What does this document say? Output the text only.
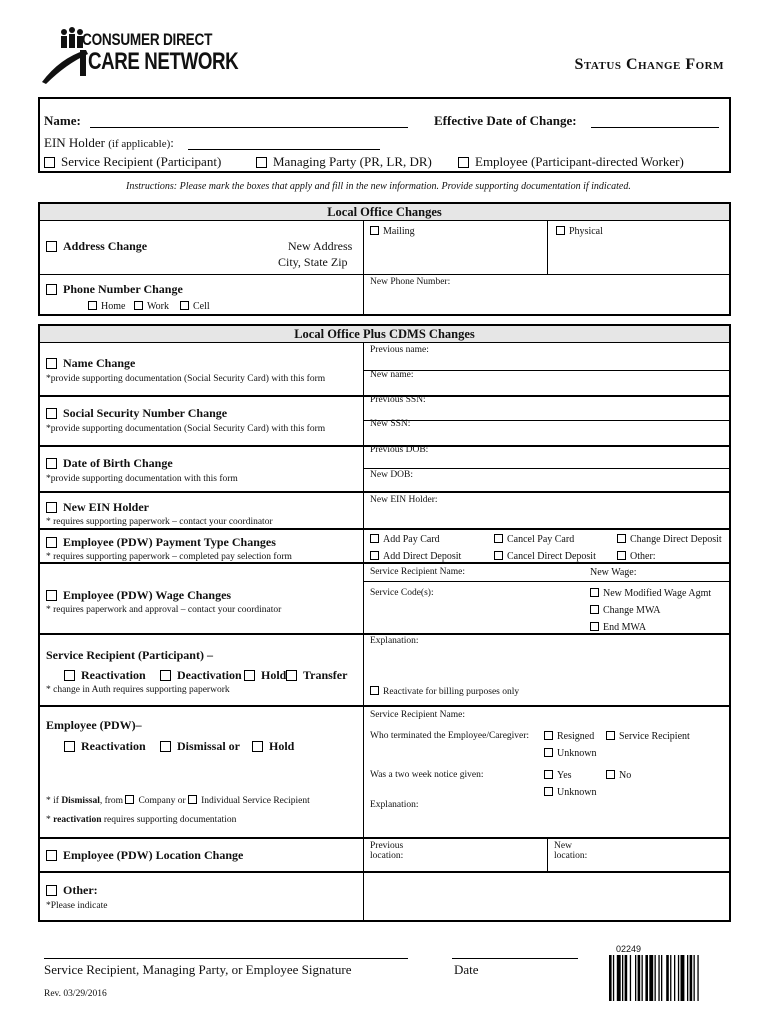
CONSUMER DIRECT
CARE NETWORK	Status Change Form
Name:	Effective Date of Change:
EIN Holder (if applicable):
Service Recipient (Participant)	Managing Party (PR, LR, DR)	Employee (Participant-directed Worker)
Instructions: Please mark the boxes that apply and fill in the new information. Provide supporting documentation if indicated.
Local Office Changes
Address Change	New Address
City, State Zip
Mailing	Physical
Phone Number Change
Home	Work	Cell
New Phone Number:
Local Office Plus CDMS Changes
Name Change
*provide supporting documentation (Social Security Card) with this form
Previous name:
New name:
Social Security Number Change
*provide supporting documentation (Social Security Card) with this form
Previous SSN:
New SSN:
Date of Birth Change
*provide supporting documentation with this form
Previous DOB:
New DOB:
New EIN Holder
* requires supporting paperwork – contact your coordinator
New EIN Holder:
Employee (PDW) Payment Type Changes
* requires supporting paperwork – completed pay selection form
Add Pay Card	Cancel Pay Card	Change Direct Deposit
Add Direct Deposit	Cancel Direct Deposit	Other:
Employee (PDW) Wage Changes
* requires paperwork and approval – contact your coordinator
Service Recipient Name:	New Wage:
Service Code(s):	New Modified Wage Agmt
Change MWA
End MWA
Service Recipient (Participant) –
Reactivation	Deactivation	Hold	Transfer
* change in Auth requires supporting paperwork
Explanation:
Reactivate for billing purposes only
Employee (PDW)–
Reactivation	Dismissal or	Hold
* if Dismissal, from Company or Individual Service Recipient
* reactivation requires supporting documentation
Service Recipient Name:
Who terminated the Employee/Caregiver:	Resigned	Service Recipient
Unknown
Was a two week notice given:	Yes	No
Unknown
Explanation:
Employee (PDW) Location Change
Previous
location:
New
location:
Other:
*Please indicate
Service Recipient, Managing Party, or Employee Signature	Date
Rev. 03/29/2016
02249
